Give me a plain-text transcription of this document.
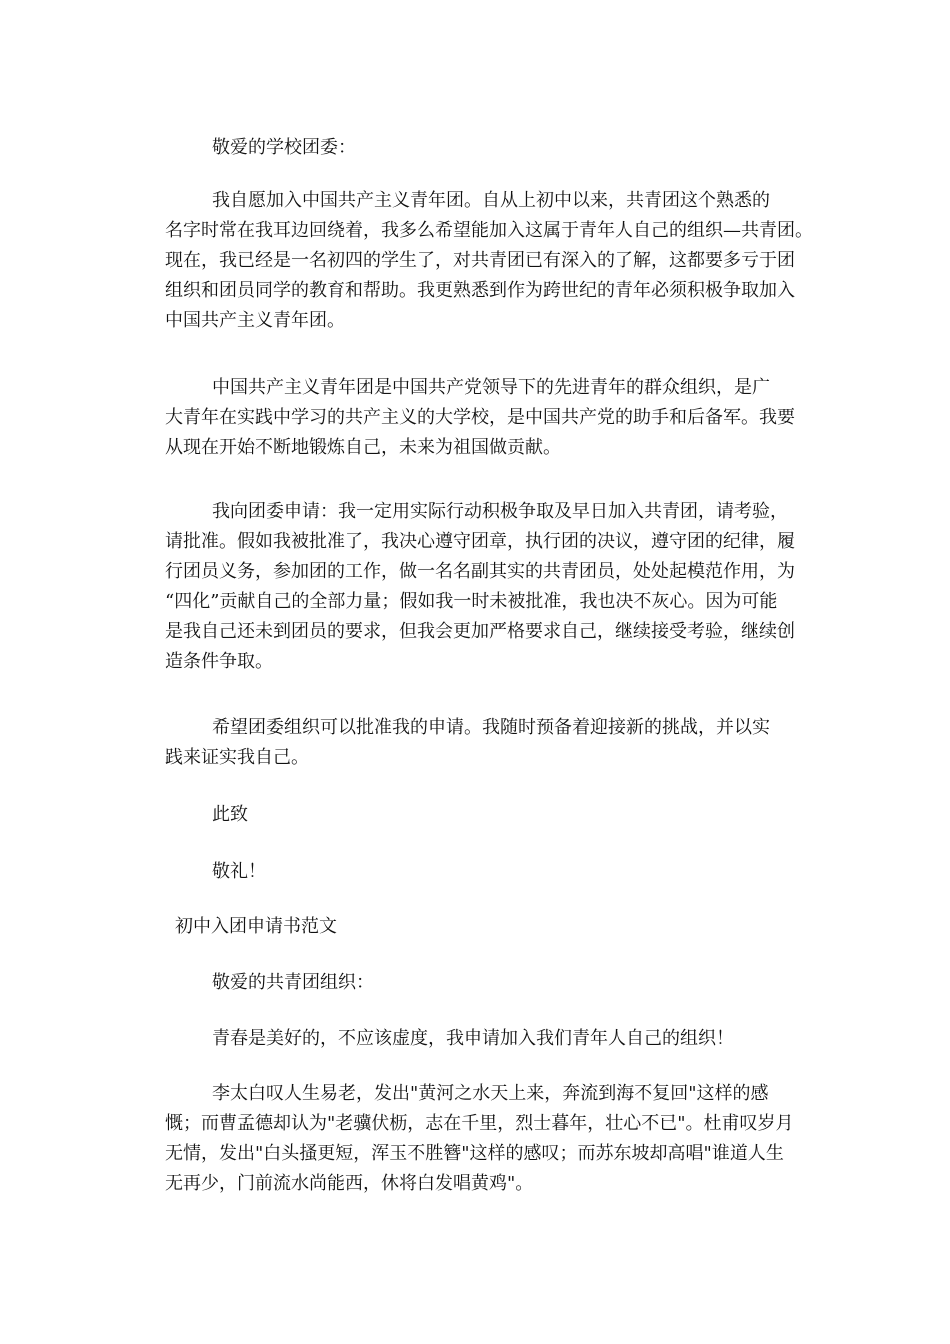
敬爱的学校团委：

我自愿加入中国共产主义青年团。自从上初中以来，共青团这个熟悉的
名字时常在我耳边回绕着，我多么希望能加入这属于青年人自己的组织—共青团。
现在，我已经是一名初四的学生了，对共青团已有深入的了解，这都要多亏于团
组织和团员同学的教育和帮助。我更熟悉到作为跨世纪的青年必须积极争取加入
中国共产主义青年团。

中国共产主义青年团是中国共产党领导下的先进青年的群众组织，是广
大青年在实践中学习的共产主义的大学校，是中国共产党的助手和后备军。我要
从现在开始不断地锻炼自己，未来为祖国做贡献。

我向团委申请：我一定用实际行动积极争取及早日加入共青团，请考验，
请批准。假如我被批准了，我决心遵守团章，执行团的决议，遵守团的纪律，履
行团员义务，参加团的工作，做一名名副其实的共青团员，处处起模范作用，为
“四化”贡献自己的全部力量；假如我一时未被批准，我也决不灰心。因为可能
是我自己还未到团员的要求，但我会更加严格要求自己，继续接受考验，继续创
造条件争取。

希望团委组织可以批准我的申请。我随时预备着迎接新的挑战，并以实
践来证实我自己。

此致

敬礼！

初中入团申请书范文

敬爱的共青团组织：

青春是美好的，不应该虚度，我申请加入我们青年人自己的组织！

李太白叹人生易老，发出"黄河之水天上来，奔流到海不复回"这样的感
慨；而曹孟德却认为"老骥伏枥，志在千里，烈士暮年，壮心不已"。杜甫叹岁月
无情，发出"白头搔更短，浑玉不胜簪"这样的感叹；而苏东坡却高唱"谁道人生
无再少，门前流水尚能西，休将白发唱黄鸡"。
